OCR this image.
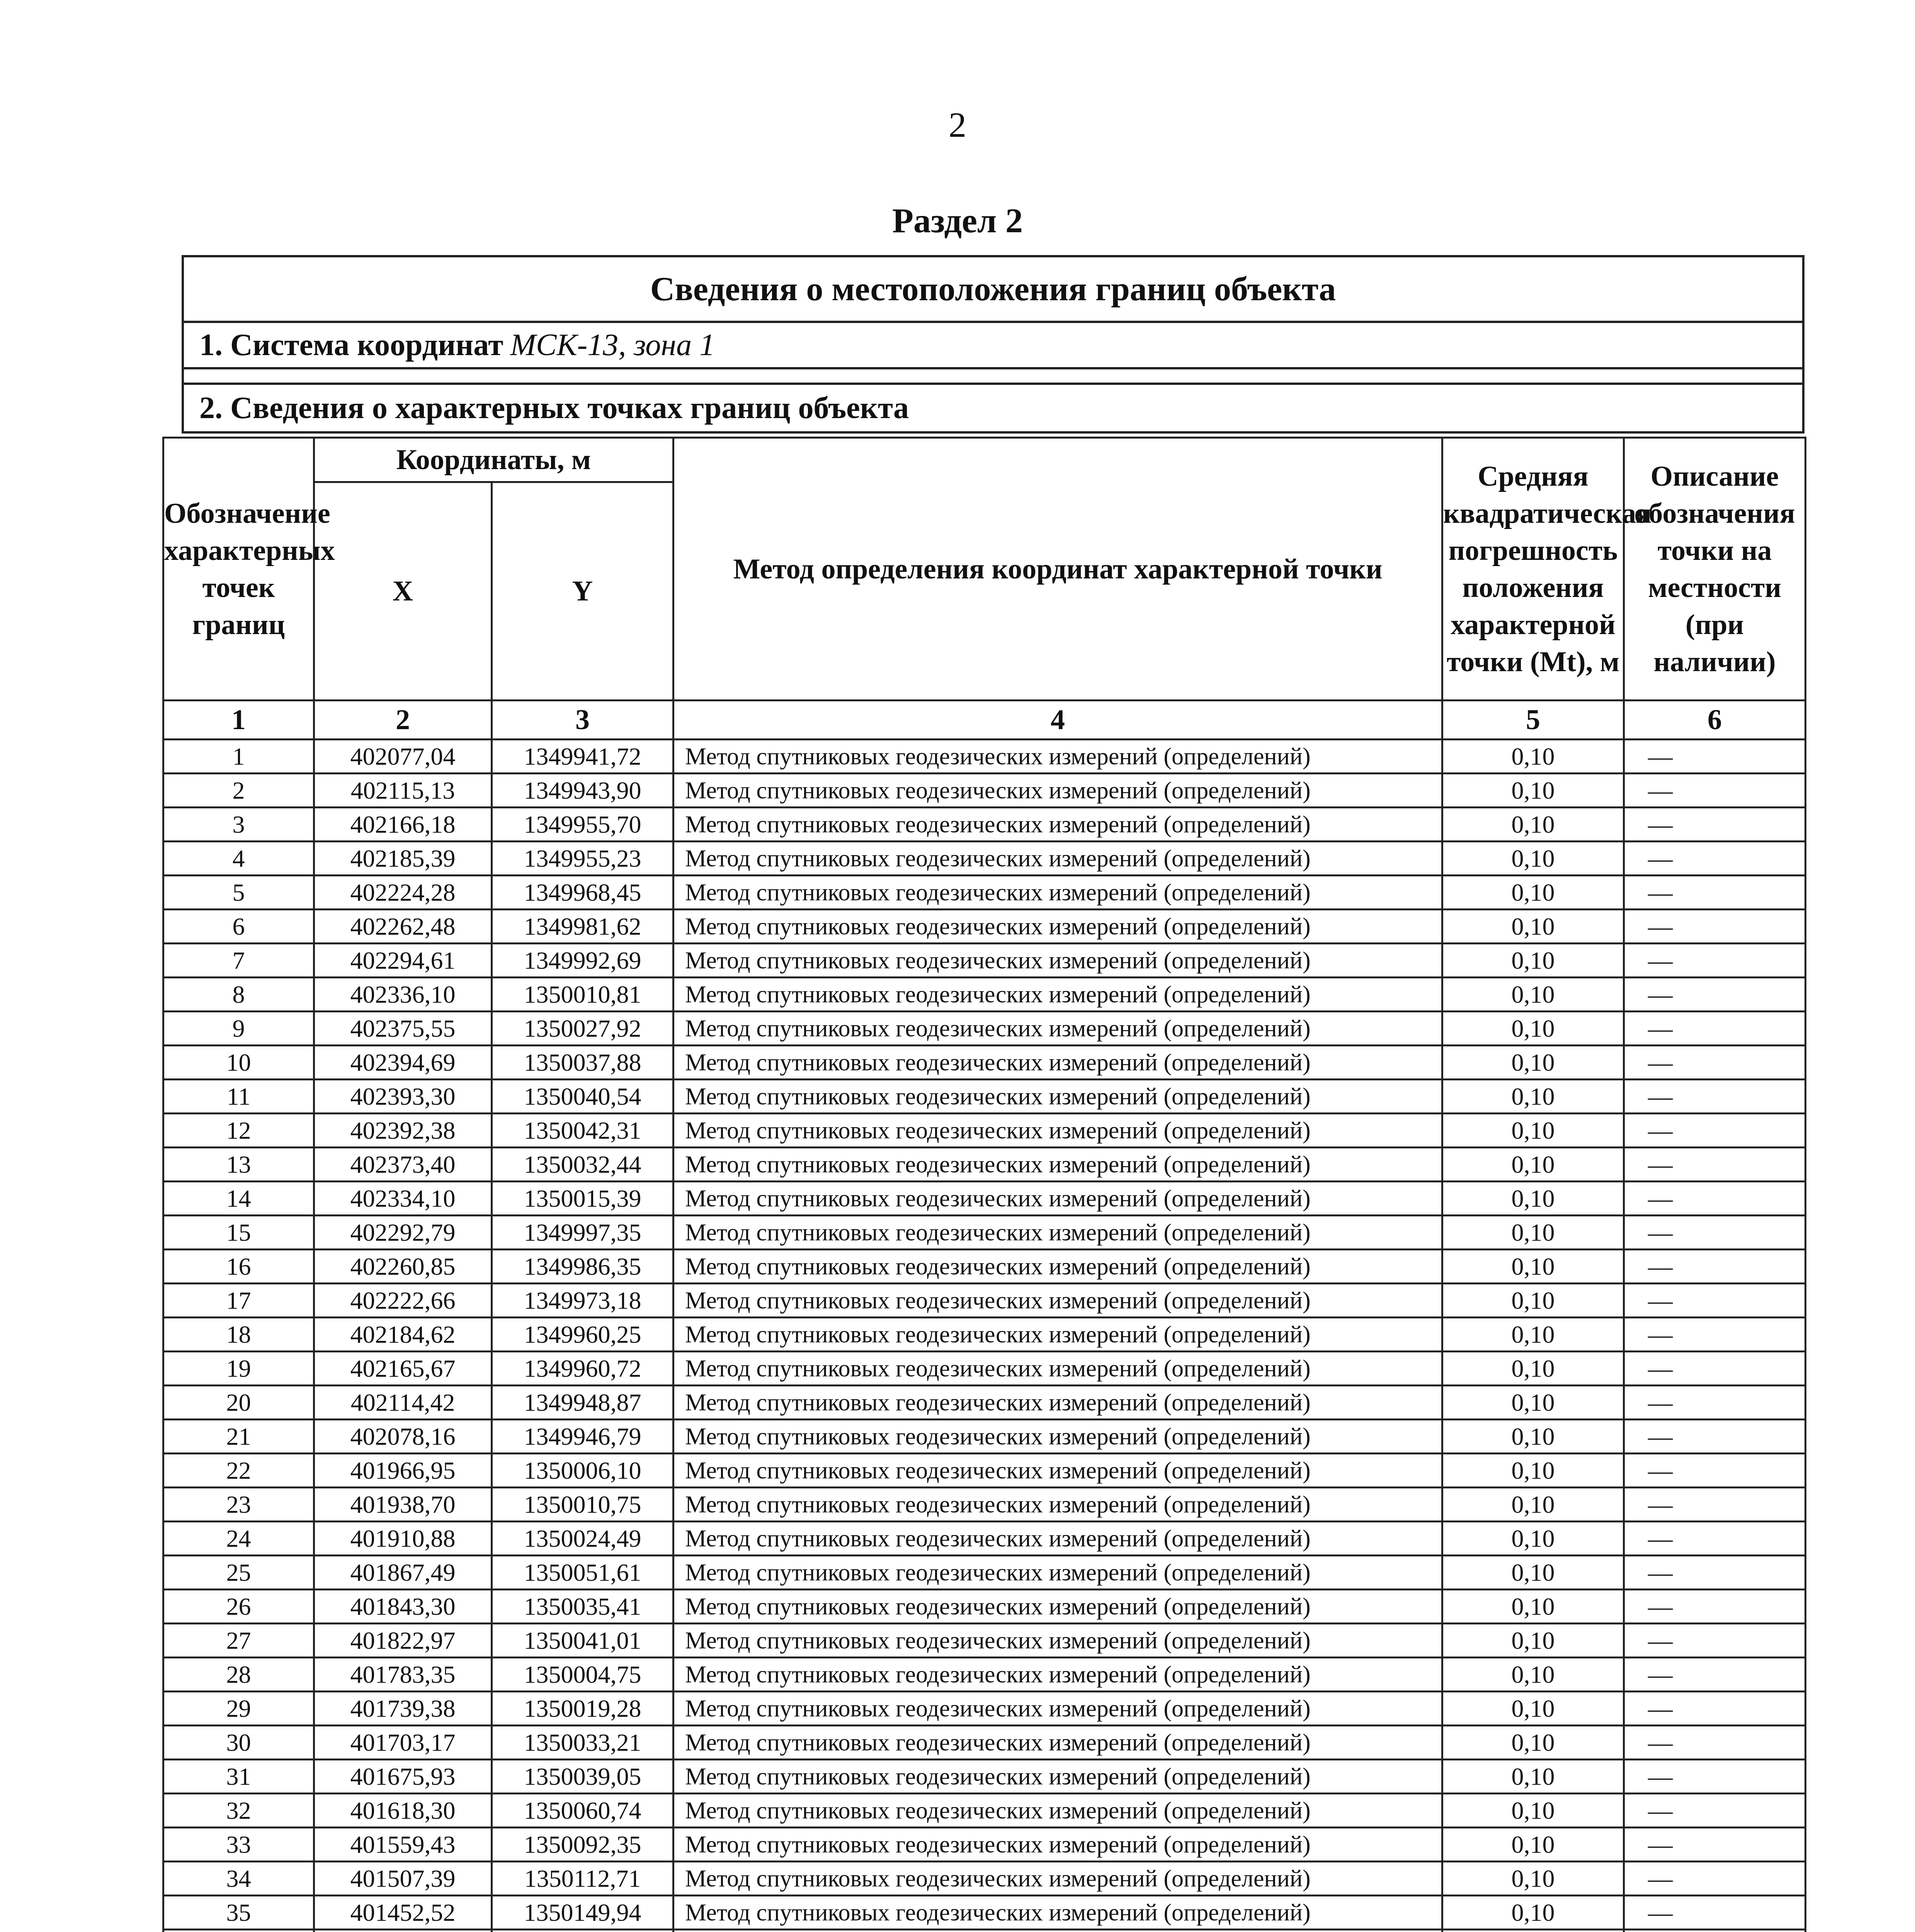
2
Раздел 2
Сведения о местоположения границ объекта
1. Система координат МСК-13, зона 1
2. Сведения о характерных точках границ объекта
Обозначение характерных точек границ	Координаты, м		Метод определения координат характерной точки	Средняя квадратическая погрешность положения характерной точки (Mt), м	Описание обозначения точки на местности (при наличии)
	X	Y			
1	2	3	4	5	6
1	402077,04	1349941,72	Метод спутниковых геодезических измерений (определений)	0,10	—
2	402115,13	1349943,90	Метод спутниковых геодезических измерений (определений)	0,10	—
3	402166,18	1349955,70	Метод спутниковых геодезических измерений (определений)	0,10	—
4	402185,39	1349955,23	Метод спутниковых геодезических измерений (определений)	0,10	—
5	402224,28	1349968,45	Метод спутниковых геодезических измерений (определений)	0,10	—
6	402262,48	1349981,62	Метод спутниковых геодезических измерений (определений)	0,10	—
7	402294,61	1349992,69	Метод спутниковых геодезических измерений (определений)	0,10	—
8	402336,10	1350010,81	Метод спутниковых геодезических измерений (определений)	0,10	—
9	402375,55	1350027,92	Метод спутниковых геодезических измерений (определений)	0,10	—
10	402394,69	1350037,88	Метод спутниковых геодезических измерений (определений)	0,10	—
11	402393,30	1350040,54	Метод спутниковых геодезических измерений (определений)	0,10	—
12	402392,38	1350042,31	Метод спутниковых геодезических измерений (определений)	0,10	—
13	402373,40	1350032,44	Метод спутниковых геодезических измерений (определений)	0,10	—
14	402334,10	1350015,39	Метод спутниковых геодезических измерений (определений)	0,10	—
15	402292,79	1349997,35	Метод спутниковых геодезических измерений (определений)	0,10	—
16	402260,85	1349986,35	Метод спутниковых геодезических измерений (определений)	0,10	—
17	402222,66	1349973,18	Метод спутниковых геодезических измерений (определений)	0,10	—
18	402184,62	1349960,25	Метод спутниковых геодезических измерений (определений)	0,10	—
19	402165,67	1349960,72	Метод спутниковых геодезических измерений (определений)	0,10	—
20	402114,42	1349948,87	Метод спутниковых геодезических измерений (определений)	0,10	—
21	402078,16	1349946,79	Метод спутниковых геодезических измерений (определений)	0,10	—
22	401966,95	1350006,10	Метод спутниковых геодезических измерений (определений)	0,10	—
23	401938,70	1350010,75	Метод спутниковых геодезических измерений (определений)	0,10	—
24	401910,88	1350024,49	Метод спутниковых геодезических измерений (определений)	0,10	—
25	401867,49	1350051,61	Метод спутниковых геодезических измерений (определений)	0,10	—
26	401843,30	1350035,41	Метод спутниковых геодезических измерений (определений)	0,10	—
27	401822,97	1350041,01	Метод спутниковых геодезических измерений (определений)	0,10	—
28	401783,35	1350004,75	Метод спутниковых геодезических измерений (определений)	0,10	—
29	401739,38	1350019,28	Метод спутниковых геодезических измерений (определений)	0,10	—
30	401703,17	1350033,21	Метод спутниковых геодезических измерений (определений)	0,10	—
31	401675,93	1350039,05	Метод спутниковых геодезических измерений (определений)	0,10	—
32	401618,30	1350060,74	Метод спутниковых геодезических измерений (определений)	0,10	—
33	401559,43	1350092,35	Метод спутниковых геодезических измерений (определений)	0,10	—
34	401507,39	1350112,71	Метод спутниковых геодезических измерений (определений)	0,10	—
35	401452,52	1350149,94	Метод спутниковых геодезических измерений (определений)	0,10	—
